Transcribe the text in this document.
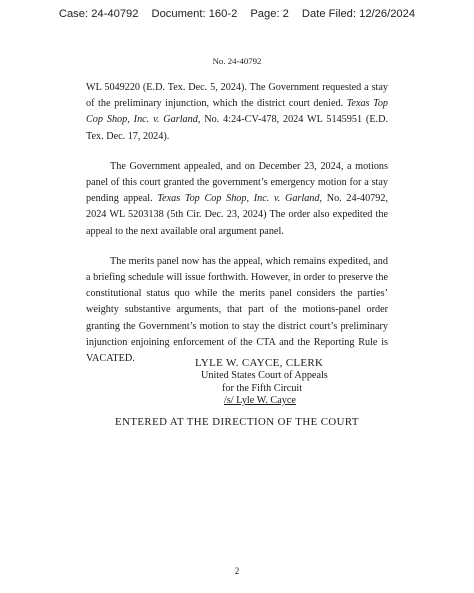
Case: 24-40792 Document: 160-2 Page: 2 Date Filed: 12/26/2024
No. 24-40792

WL 5049220 (E.D. Tex. Dec. 5, 2024). The Government requested a stay of the preliminary injunction, which the district court denied. Texas Top Cop Shop, Inc. v. Garland, No. 4:24-CV-478, 2024 WL 5145951 (E.D. Tex. Dec. 17, 2024).

The Government appealed, and on December 23, 2024, a motions panel of this court granted the government’s emergency motion for a stay pending appeal. Texas Top Cop Shop, Inc. v. Garland, No. 24-40792, 2024 WL 5203138 (5th Cir. Dec. 23, 2024) The order also expedited the appeal to the next available oral argument panel.

The merits panel now has the appeal, which remains expedited, and a briefing schedule will issue forthwith. However, in order to preserve the constitutional status quo while the merits panel considers the parties’ weighty substantive arguments, that part of the motions-panel order granting the Government’s motion to stay the district court’s preliminary injunction enjoining enforcement of the CTA and the Reporting Rule is VACATED.	LYLE W. CAYCE, CLERK
United States Court of Appeals
for the Fifth Circuit
/s/ Lyle W. Cayce
ENTERED AT THE DIRECTION OF THE COURT
2
